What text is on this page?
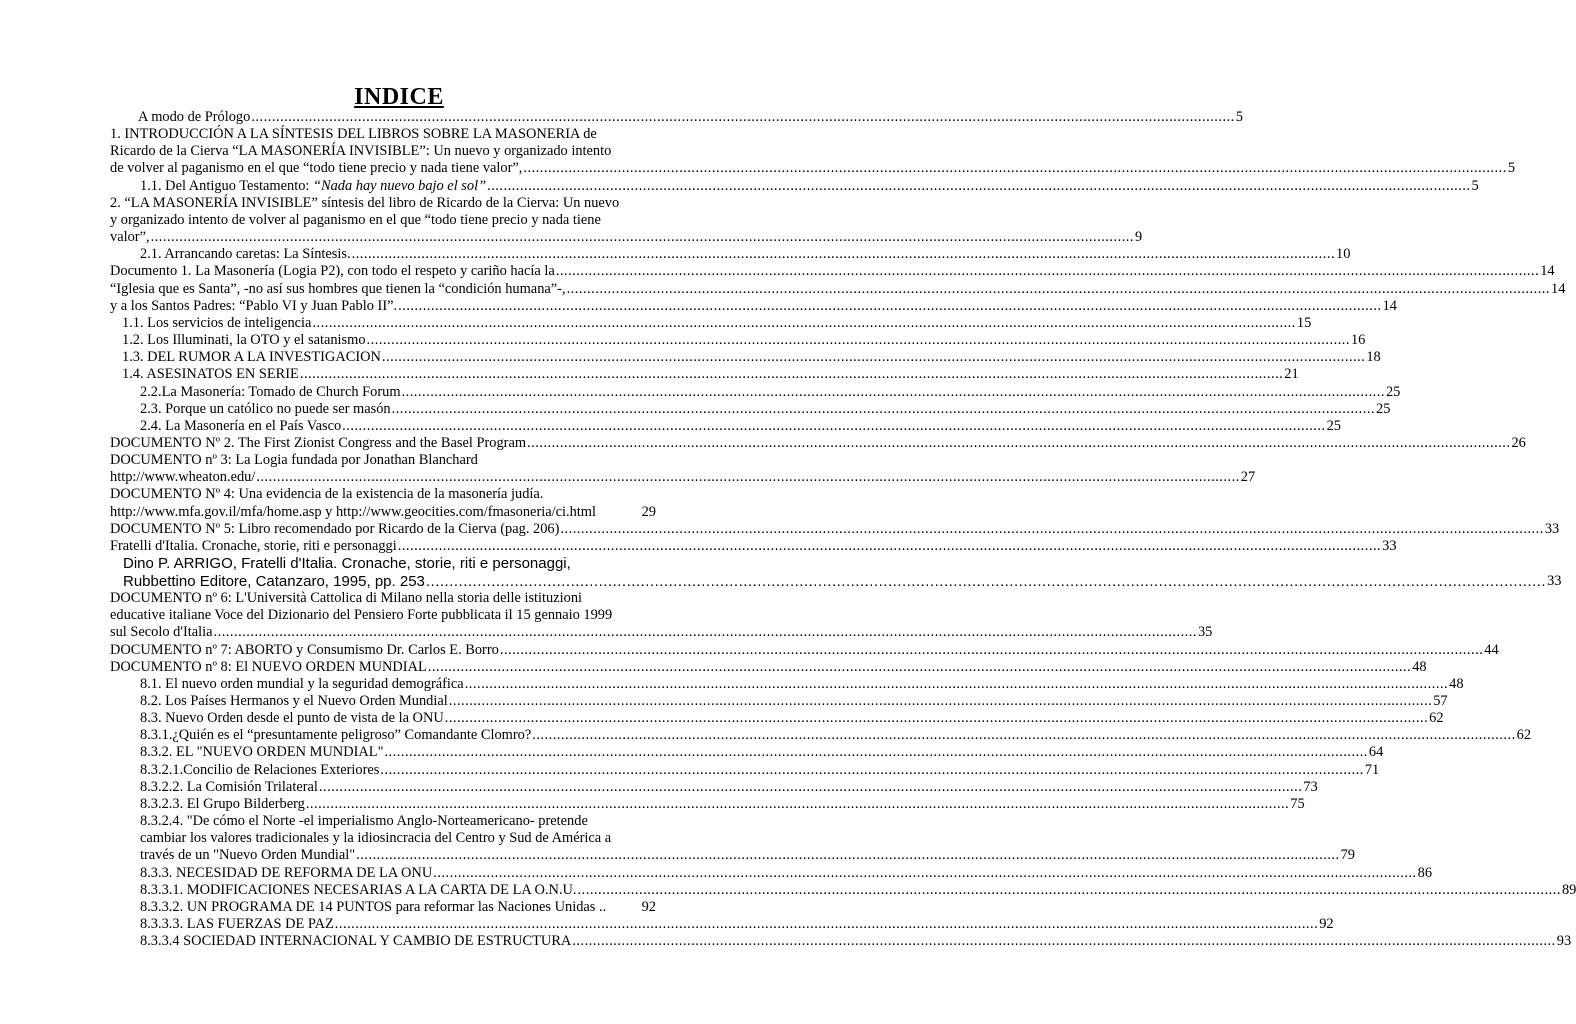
INDICE
A modo de Prólogo .....	5
1. INTRODUCCIÓN A LA SÍNTESIS DEL LIBROS SOBRE LA MASONERIA de
Ricardo de la Cierva “LA MASONERÍA INVISIBLE”: Un nuevo y organizado intento
de volver al paganismo en el que “todo tiene precio y nada tiene valor”, .....	5
1.1. Del Antiguo Testamento: “Nada hay nuevo bajo el sol” .....	5
2. “LA MASONERÍA INVISIBLE” síntesis del libro de Ricardo de la Cierva: Un nuevo
y organizado intento de volver al paganismo en el que “todo tiene precio y nada tiene
valor”, .....	9
2.1. Arrancando caretas: La Síntesis. .....	10
Documento 1. La Masonería (Logia P2), con todo el respeto y cariño hacía la .....	14
“Iglesia que es Santa”, -no así sus hombres que tienen la “condición humana”-, .....	14
y a los Santos Padres: “Pablo VI y Juan Pablo II”. .....	14
1.1. Los servicios de inteligencia .....	15
1.2. Los Illuminati, la OTO y el satanismo .....	16
1.3. DEL RUMOR A LA INVESTIGACION .....	18
1.4. ASESINATOS EN SERIE .....	21
2.2.La Masonería: Tomado de Church Forum .....	25
2.3. Porque un católico no puede ser masón .....	25
2.4. La Masonería en el País Vasco .....	25
DOCUMENTO Nº 2. The First Zionist Congress and the Basel Program .....	26
DOCUMENTO nº 3: La Logia fundada por Jonathan Blanchard
http://www.wheaton.edu/ .....	27
DOCUMENTO Nº 4: Una evidencia de la existencia de la masonería judía.
http://www.mfa.gov.il/mfa/home.asp y http://www.geocities.com/fmasoneria/ci.html	29
DOCUMENTO Nº 5: Libro recomendado por Ricardo de la Cierva (pag. 206) .....	33
Fratelli d'Italia. Cronache, storie, riti e personaggi .....	33
Dino P. ARRIGO, Fratelli d'Italia. Cronache, storie, riti e personaggi,
Rubbettino Editore, Catanzaro, 1995, pp. 253 .....	33
DOCUMENTO nº 6: L'Università Cattolica di Milano nella storia delle istituzioni
educative italiane Voce del Dizionario del Pensiero Forte pubblicata il 15 gennaio 1999
sul Secolo d'Italia .....	35
DOCUMENTO nº 7: ABORTO y Consumismo Dr. Carlos E. Borro .....	44
DOCUMENTO nº 8: El NUEVO ORDEN MUNDIAL .....	48
8.1. El nuevo orden mundial y la seguridad demográfica .....	48
8.2. Los Países Hermanos y el Nuevo Orden Mundial .....	57
8.3. Nuevo Orden desde el punto de vista de la ONU .....	62
8.3.1.¿Quién es el “presuntamente peligroso” Comandante Clomro? .....	62
8.3.2. EL "NUEVO ORDEN MUNDIAL" .....	64
8.3.2.1.Concilio de Relaciones Exteriores .....	71
8.3.2.2. La Comisión Trilateral .....	73
8.3.2.3. El Grupo Bilderberg .....	75
8.3.2.4. "De cómo el Norte -el imperialismo Anglo-Norteamericano- pretende
cambiar los valores tradicionales y la idiosincracia del Centro y Sud de América a
través de un "Nuevo Orden Mundial" .....	79
8.3.3. NECESIDAD DE REFORMA DE LA ONU .....	86
8.3.3.1. MODIFICACIONES NECESARIAS A LA CARTA DE LA O.N.U. .....	89
8.3.3.2. UN PROGRAMA DE 14 PUNTOS para reformar las Naciones Unidas .. 92
8.3.3.3. LAS FUERZAS DE PAZ .....	92
8.3.3.4 SOCIEDAD INTERNACIONAL Y CAMBIO DE ESTRUCTURA .....	93
